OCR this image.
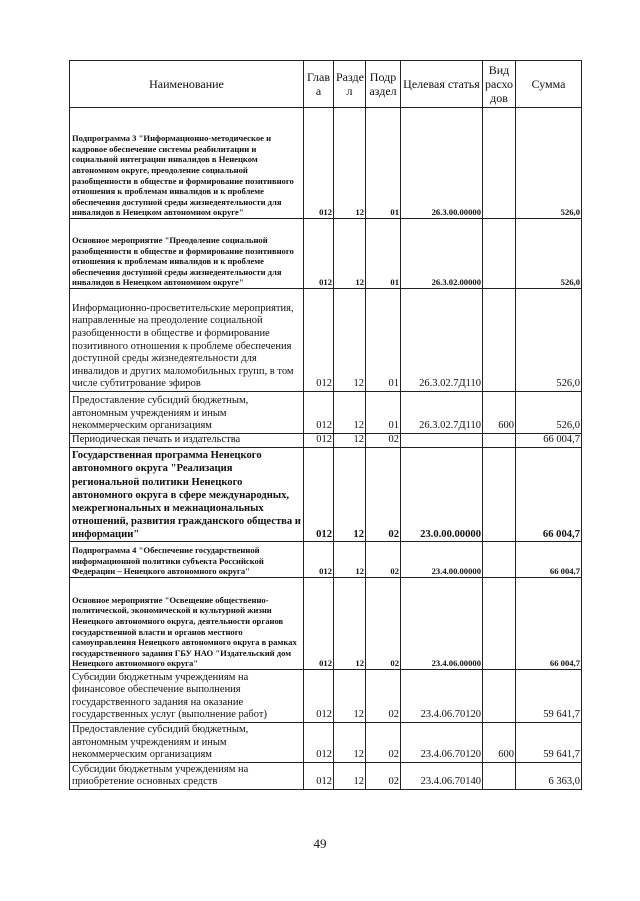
Наименование	Глав а	Разде л	Подр аздел	Целевая статья	Вид расхо дов	Сумма
Подпрограмма 3 "Информационно-методическое и кадровое обеспечение системы реабилитации и социальной интеграции инвалидов в Ненецком автономном округе, преодоление социальной разобщенности в обществе и формирование позитивного отношения к проблемам инвалидов и к проблеме обеспечения доступной среды жизнедеятельности для инвалидов в Ненецком автономном округе"	012	12	01	26.3.00.00000		526,0
Основное мероприятие "Преодоление социальной разобщенности в обществе и формирование позитивного отношения к проблемам инвалидов и к проблеме обеспечения доступной среды жизнедеятельности для инвалидов в Ненецком автономном округе"	012	12	01	26.3.02.00000		526,0
Информационно-просветительские мероприятия, направленные на преодоление социальной разобщенности в обществе и формирование позитивного отношения к проблеме обеспечения доступной среды жизнедеятельности для инвалидов и других маломобильных групп, в том числе субтитрование эфиров	012	12	01	26.3.02.7Д110		526,0
Предоставление субсидий бюджетным, автономным учреждениям и иным некоммерческим организациям	012	12	01	26.3.02.7Д110	600	526,0
Периодическая печать и издательства	012	12	02			66 004,7
Государственная программа Ненецкого автономного округа "Реализация региональной политики Ненецкого автономного округа в сфере международных, межрегиональных и межнациональных отношений, развития гражданского общества и информации"	012	12	02	23.0.00.00000		66 004,7
Подпрограмма 4 "Обеспечение государственной информационной политики субъекта Российской Федерации – Ненецкого автономного округа"	012	12	02	23.4.00.00000		66 004,7
Основное мероприятие "Освещение общественно-политической, экономической и культурной жизни Ненецкого автономного округа, деятельности органов государственной власти и органов местного самоуправления Ненецкого автономного округа в рамках государственного задания ГБУ НАО "Издательский дом Ненецкого автономного округа"	012	12	02	23.4.06.00000		66 004,7
Субсидии бюджетным учреждениям на финансовое обеспечение выполнения государственного задания на оказание государственных услуг (выполнение работ)	012	12	02	23.4.06.70120		59 641,7
Предоставление субсидий бюджетным, автономным учреждениям и иным некоммерческим организациям	012	12	02	23.4.06.70120	600	59 641,7
Субсидии бюджетным учреждениям на приобретение основных средств	012	12	02	23.4.06.70140		6 363,0
49
